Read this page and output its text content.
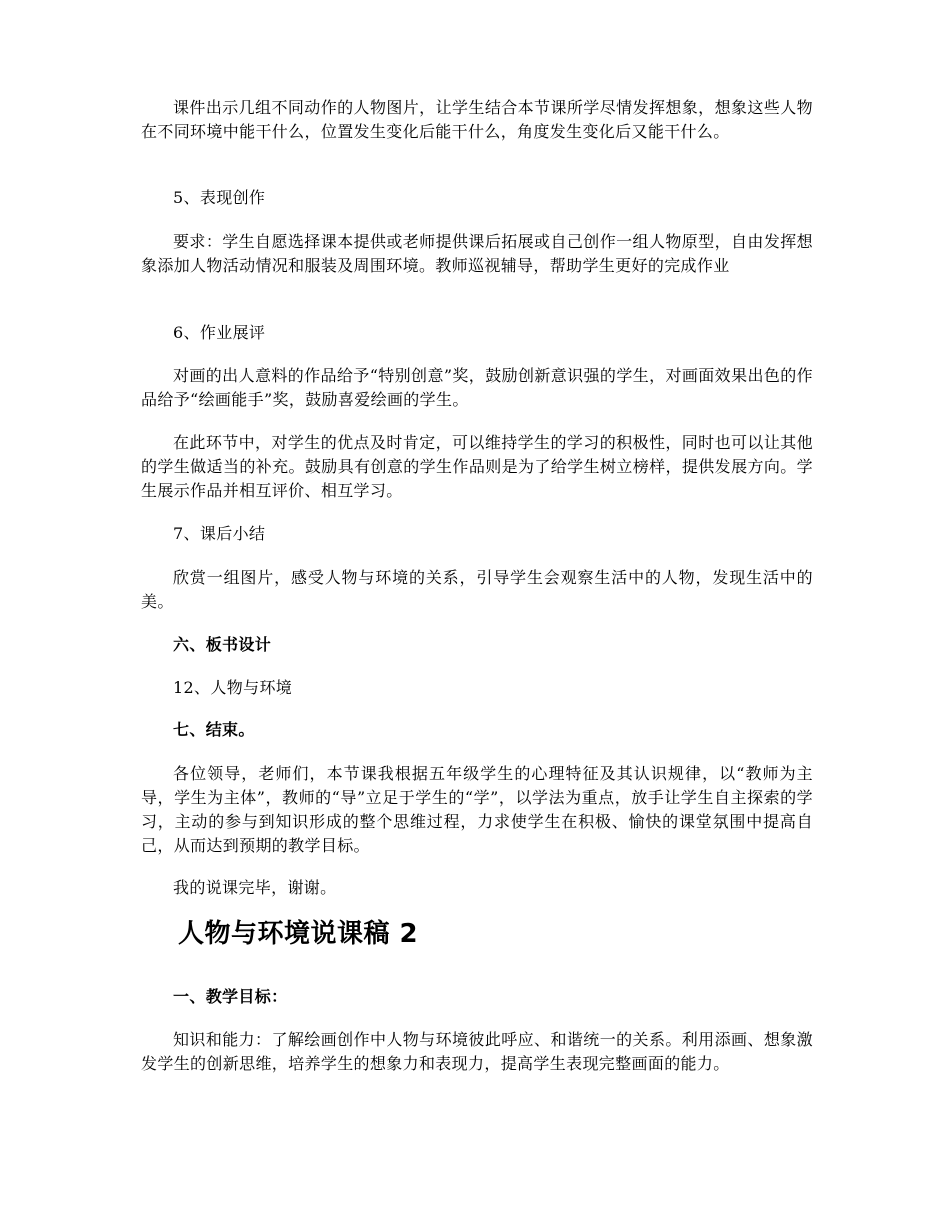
课件出示几组不同动作的人物图片，让学生结合本节课所学尽情发挥想象，想象这些人物在不同环境中能干什么，位置发生变化后能干什么，角度发生变化后又能干什么。

5、表现创作

要求：学生自愿选择课本提供或老师提供课后拓展或自己创作一组人物原型，自由发挥想象添加人物活动情况和服装及周围环境。教师巡视辅导，帮助学生更好的完成作业

6、作业展评

对画的出人意料的作品给予“特别创意”奖，鼓励创新意识强的学生，对画面效果出色的作品给予“绘画能手”奖，鼓励喜爱绘画的学生。

在此环节中，对学生的优点及时肯定，可以维持学生的学习的积极性，同时也可以让其他的学生做适当的补充。鼓励具有创意的学生作品则是为了给学生树立榜样，提供发展方向。学生展示作品并相互评价、相互学习。

7、课后小结

欣赏一组图片，感受人物与环境的关系，引导学生会观察生活中的人物，发现生活中的美。

六、板书设计

12、人物与环境

七、结束。

各位领导，老师们，本节课我根据五年级学生的心理特征及其认识规律，以“教师为主导，学生为主体”，教师的“导”立足于学生的“学”，以学法为重点，放手让学生自主探索的学习，主动的参与到知识形成的整个思维过程，力求使学生在积极、愉快的课堂氛围中提高自己，从而达到预期的教学目标。

我的说课完毕，谢谢。

人物与环境说课稿 2

一、教学目标：

知识和能力：了解绘画创作中人物与环境彼此呼应、和谐统一的关系。利用添画、想象激发学生的创新思维，培养学生的想象力和表现力，提高学生表现完整画面的能力。
